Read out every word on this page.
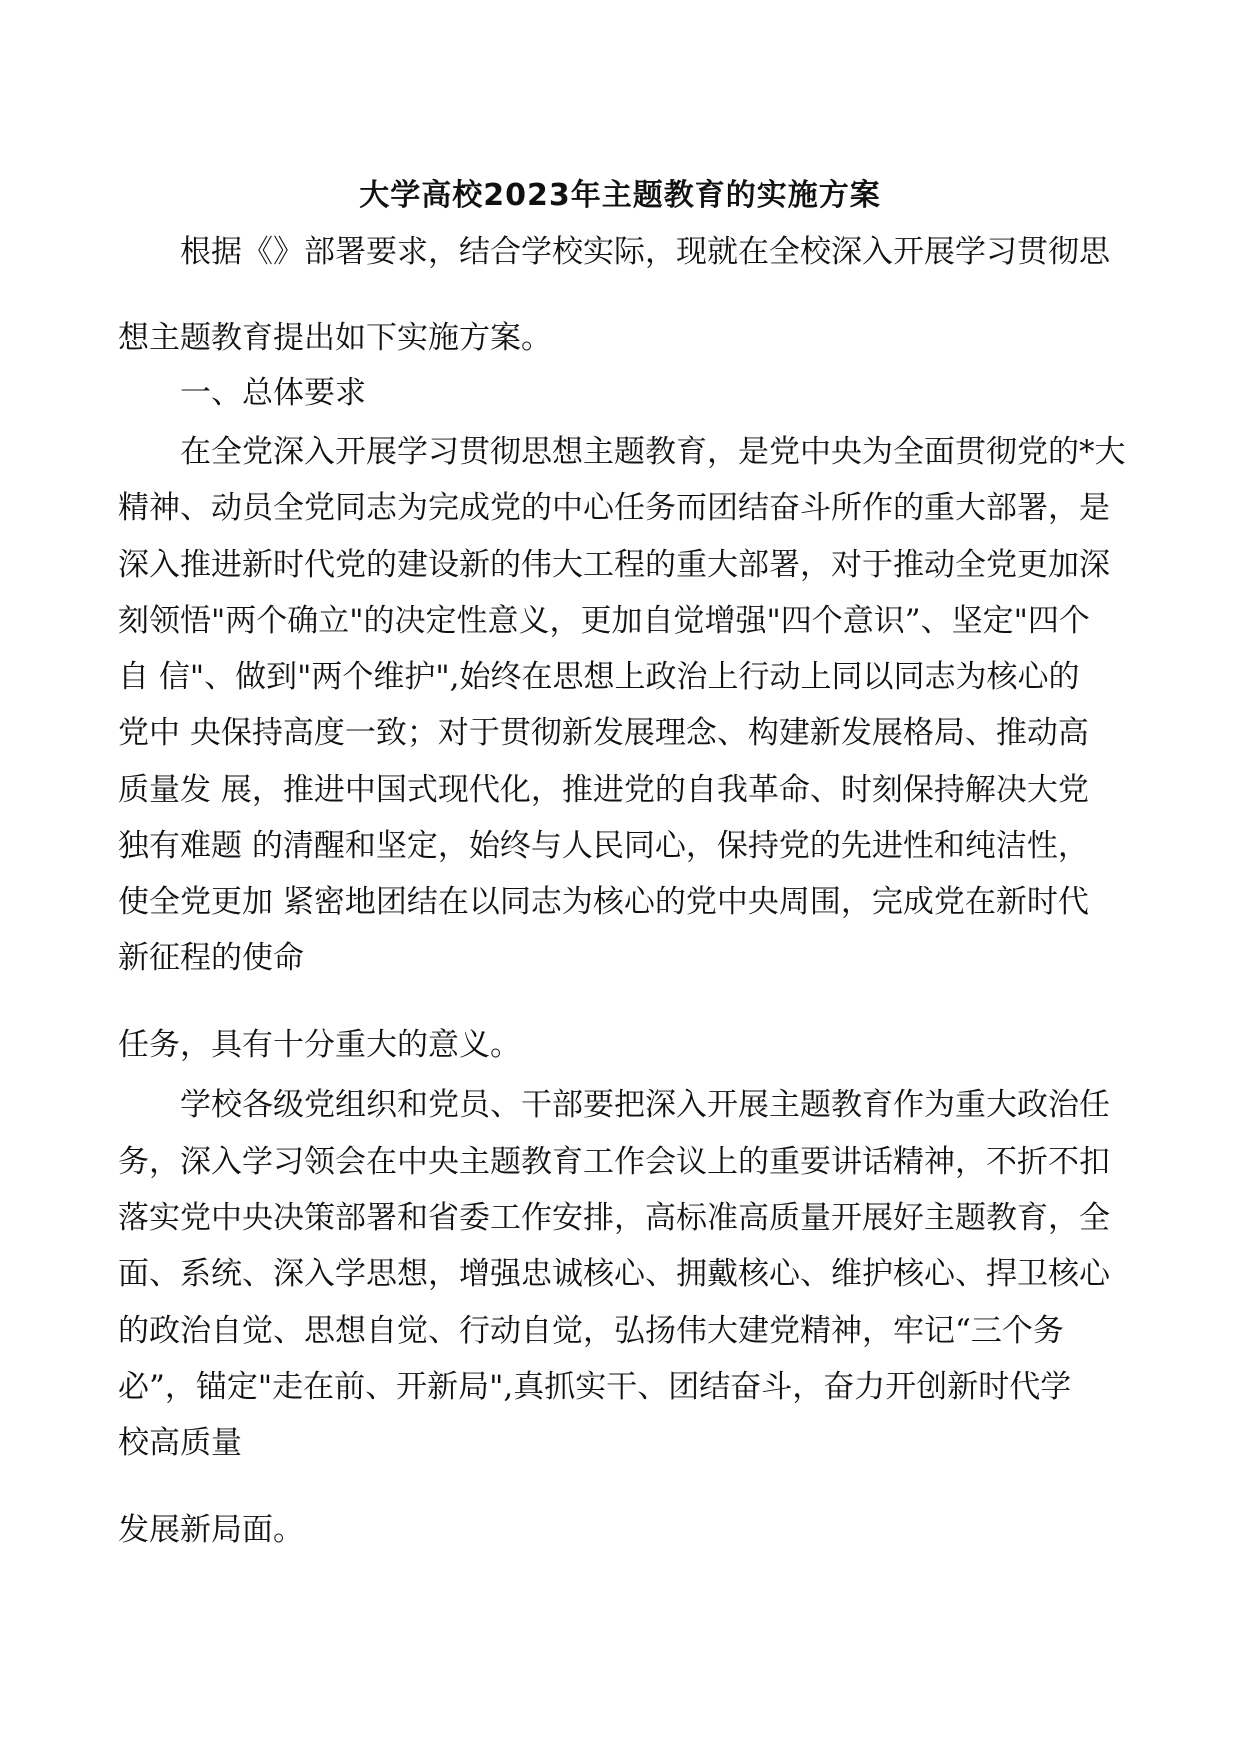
大学高校2023年主题教育的实施方案
根据《》部署要求，结合学校实际，现就在全校深入开展学习贯彻思
想主题教育提出如下实施方案。
一、总体要求
在全党深入开展学习贯彻思想主题教育，是党中央为全面贯彻党的*大
精神、动员全党同志为完成党的中心任务而团结奋斗所作的重大部署，是
深入推进新时代党的建设新的伟大工程的重大部署，对于推动全党更加深
刻领悟"两个确立"的决定性意义，更加自觉增强"四个意识”、坚定"四个
自 信"、做到"两个维护",始终在思想上政治上行动上同以同志为核心的
党中 央保持高度一致；对于贯彻新发展理念、构建新发展格局、推动高
质量发 展，推进中国式现代化，推进党的自我革命、时刻保持解决大党
独有难题 的清醒和坚定，始终与人民同心，保持党的先进性和纯洁性，
使全党更加 紧密地团结在以同志为核心的党中央周围，完成党在新时代
新征程的使命
任务，具有十分重大的意义。
学校各级党组织和党员、干部要把深入开展主题教育作为重大政治任
务，深入学习领会在中央主题教育工作会议上的重要讲话精神，不折不扣
落实党中央决策部署和省委工作安排，高标准高质量开展好主题教育，全
面、系统、深入学思想，增强忠诚核心、拥戴核心、维护核心、捍卫核心
的政治自觉、思想自觉、行动自觉，弘扬伟大建党精神，牢记“三个务
必”，锚定"走在前、开新局",真抓实干、团结奋斗，奋力开创新时代学
校高质量
发展新局面。
